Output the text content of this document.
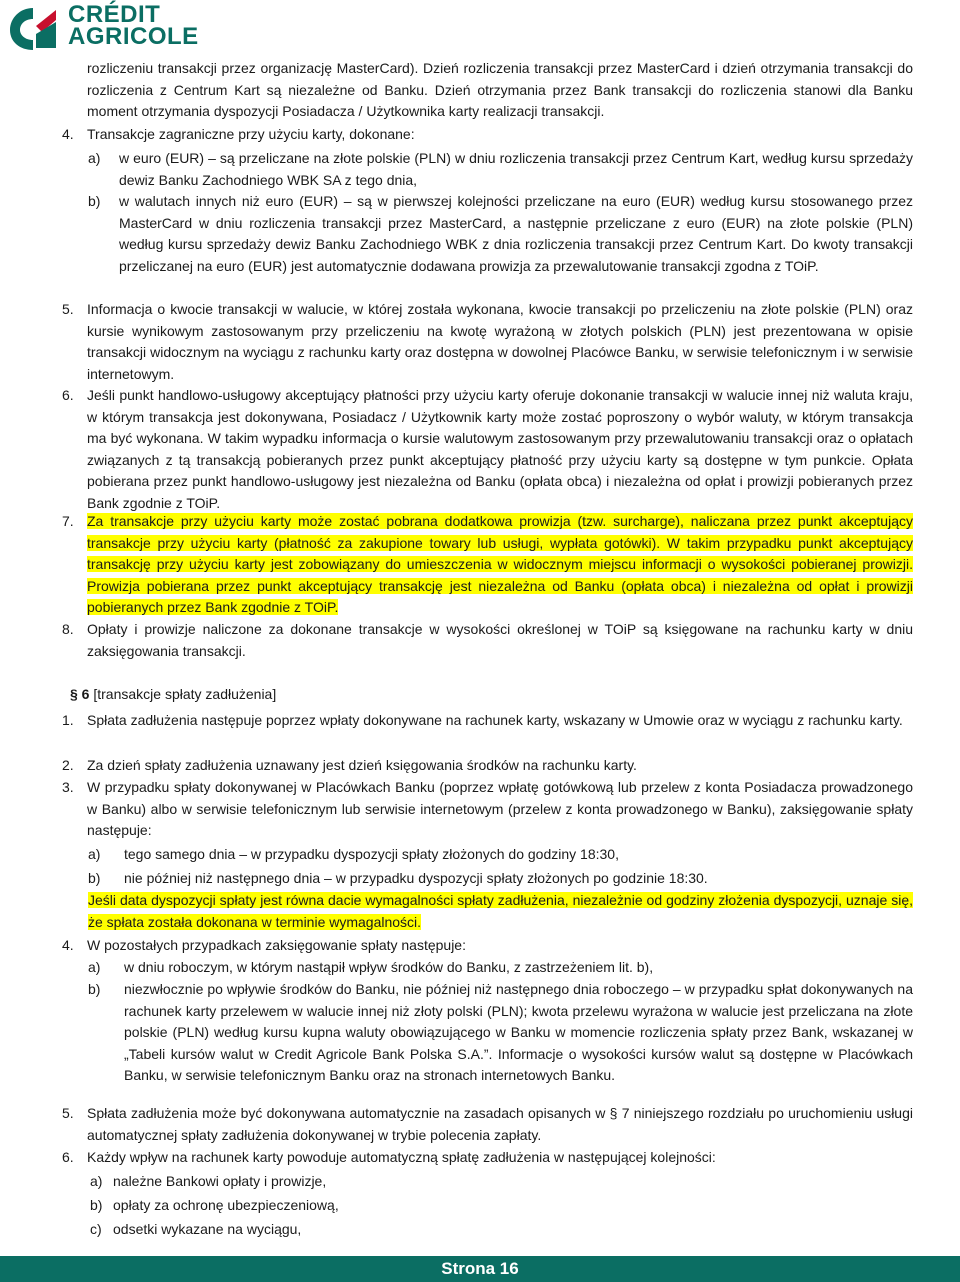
CRÉDIT
AGRICOLE
rozliczeniu transakcji przez organizację MasterCard). Dzień rozliczenia transakcji przez MasterCard i dzień otrzymania transakcji do rozliczenia z Centrum Kart są niezależne od Banku. Dzień otrzymania przez Bank transakcji do rozliczenia stanowi dla Banku moment otrzymania dyspozycji Posiadacza / Użytkownika karty realizacji transakcji.
4. Transakcje zagraniczne przy użyciu karty, dokonane:
a) w euro (EUR) – są przeliczane na złote polskie (PLN) w dniu rozliczenia transakcji przez Centrum Kart, według kursu sprzedaży dewiz Banku Zachodniego WBK SA z tego dnia,
b) w walutach innych niż euro (EUR) – są w pierwszej kolejności przeliczane na euro (EUR) według kursu stosowanego przez MasterCard w dniu rozliczenia transakcji przez MasterCard, a następnie przeliczane z euro (EUR) na złote polskie (PLN) według kursu sprzedaży dewiz Banku Zachodniego WBK z dnia rozliczenia transakcji przez Centrum Kart. Do kwoty transakcji przeliczanej na euro (EUR) jest automatycznie dodawana prowizja za przewalutowanie transakcji zgodna z TOiP.
5. Informacja o kwocie transakcji w walucie, w której została wykonana, kwocie transakcji po przeliczeniu na złote polskie (PLN) oraz kursie wynikowym zastosowanym przy przeliczeniu na kwotę wyrażoną w złotych polskich (PLN) jest prezentowana w opisie transakcji widocznym na wyciągu z rachunku karty oraz dostępna w dowolnej Placówce Banku, w serwisie telefonicznym i w serwisie internetowym.
6. Jeśli punkt handlowo-usługowy akceptujący płatności przy użyciu karty oferuje dokonanie transakcji w walucie innej niż waluta kraju, w którym transakcja jest dokonywana, Posiadacz / Użytkownik karty może zostać poproszony o wybór waluty, w którym transakcja ma być wykonana. W takim wypadku informacja o kursie walutowym zastosowanym przy przewalutowaniu transakcji oraz o opłatach związanych z tą transakcją pobieranych przez punkt akceptujący płatność przy użyciu karty są dostępne w tym punkcie. Opłata pobierana przez punkt handlowo-usługowy jest niezależna od Banku (opłata obca) i niezależna od opłat i prowizji pobieranych przez Bank zgodnie z TOiP.
7. Za transakcje przy użyciu karty może zostać pobrana dodatkowa prowizja (tzw. surcharge), naliczana przez punkt akceptujący transakcje przy użyciu karty (płatność za zakupione towary lub usługi, wypłata gotówki). W takim przypadku punkt akceptujący transakcję przy użyciu karty jest zobowiązany do umieszczenia w widocznym miejscu informacji o wysokości pobieranej prowizji. Prowizja pobierana przez punkt akceptujący transakcję jest niezależna od Banku (opłata obca) i niezależna od opłat i prowizji pobieranych przez Bank zgodnie z TOiP.
8. Opłaty i prowizje naliczone za dokonane transakcje w wysokości określonej w TOiP są księgowane na rachunku karty w dniu zaksięgowania transakcji.
§ 6 [transakcje spłaty zadłużenia]
1. Spłata zadłużenia następuje poprzez wpłaty dokonywane na rachunek karty, wskazany w Umowie oraz w wyciągu z rachunku karty.
2. Za dzień spłaty zadłużenia uznawany jest dzień księgowania środków na rachunku karty.
3. W przypadku spłaty dokonywanej w Placówkach Banku (poprzez wpłatę gotówkową lub przelew z konta Posiadacza prowadzonego w Banku) albo w serwisie telefonicznym lub serwisie internetowym (przelew z konta prowadzonego w Banku), zaksięgowanie spłaty następuje:
a) tego samego dnia – w przypadku dyspozycji spłaty złożonych do godziny 18:30,
b) nie później niż następnego dnia – w przypadku dyspozycji spłaty złożonych po godzinie 18:30.
Jeśli data dyspozycji spłaty jest równa dacie wymagalności spłaty zadłużenia, niezależnie od godziny złożenia dyspozycji, uznaje się, że spłata została dokonana w terminie wymagalności.
4. W pozostałych przypadkach zaksięgowanie spłaty następuje:
a) w dniu roboczym, w którym nastąpił wpływ środków do Banku, z zastrzeżeniem lit. b),
b) niezwłocznie po wpływie środków do Banku, nie później niż następnego dnia roboczego – w przypadku spłat dokonywanych na rachunek karty przelewem w walucie innej niż złoty polski (PLN); kwota przelewu wyrażona w walucie jest przeliczana na złote polskie (PLN) według kursu kupna waluty obowiązującego w Banku w momencie rozliczenia spłaty przez Bank, wskazanej w „Tabeli kursów walut w Credit Agricole Bank Polska S.A.”. Informacje o wysokości kursów walut są dostępne w Placówkach Banku, w serwisie telefonicznym Banku oraz na stronach internetowych Banku.
5. Spłata zadłużenia może być dokonywana automatycznie na zasadach opisanych w § 7 niniejszego rozdziału po uruchomieniu usługi automatycznej spłaty zadłużenia dokonywanej w trybie polecenia zapłaty.
6. Każdy wpływ na rachunek karty powoduje automatyczną spłatę zadłużenia w następującej kolejności:
a) należne Bankowi opłaty i prowizje,
b) opłaty za ochronę ubezpieczeniową,
c) odsetki wykazane na wyciągu,
Strona 16
